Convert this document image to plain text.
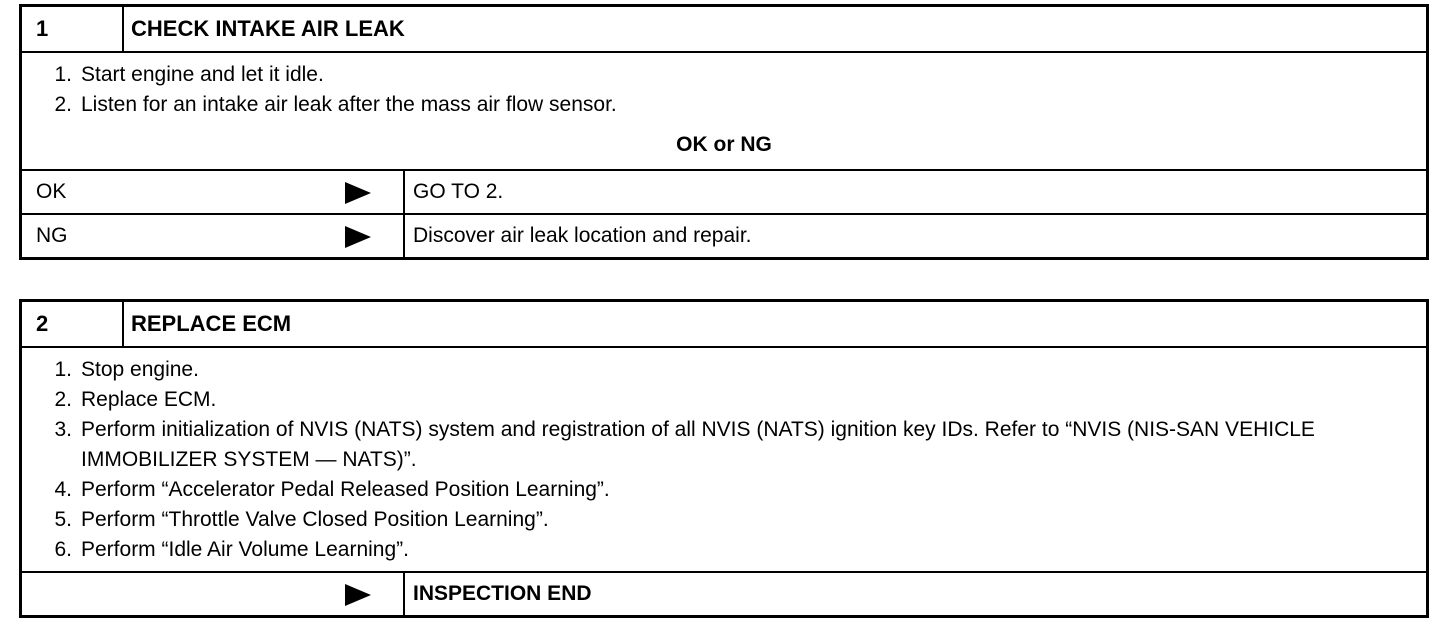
1	CHECK INTAKE AIR LEAK
1. Start engine and let it idle.
2. Listen for an intake air leak after the mass air flow sensor.
OK or NG
OK	GO TO 2.
NG	Discover air leak location and repair.
2	REPLACE ECM
1. Stop engine.
2. Replace ECM.
3. Perform initialization of NVIS (NATS) system and registration of all NVIS (NATS) ignition key IDs. Refer to “NVIS (NIS-SAN VEHICLE IMMOBILIZER SYSTEM — NATS)”.
4. Perform “Accelerator Pedal Released Position Learning”.
5. Perform “Throttle Valve Closed Position Learning”.
6. Perform “Idle Air Volume Learning”.
INSPECTION END
